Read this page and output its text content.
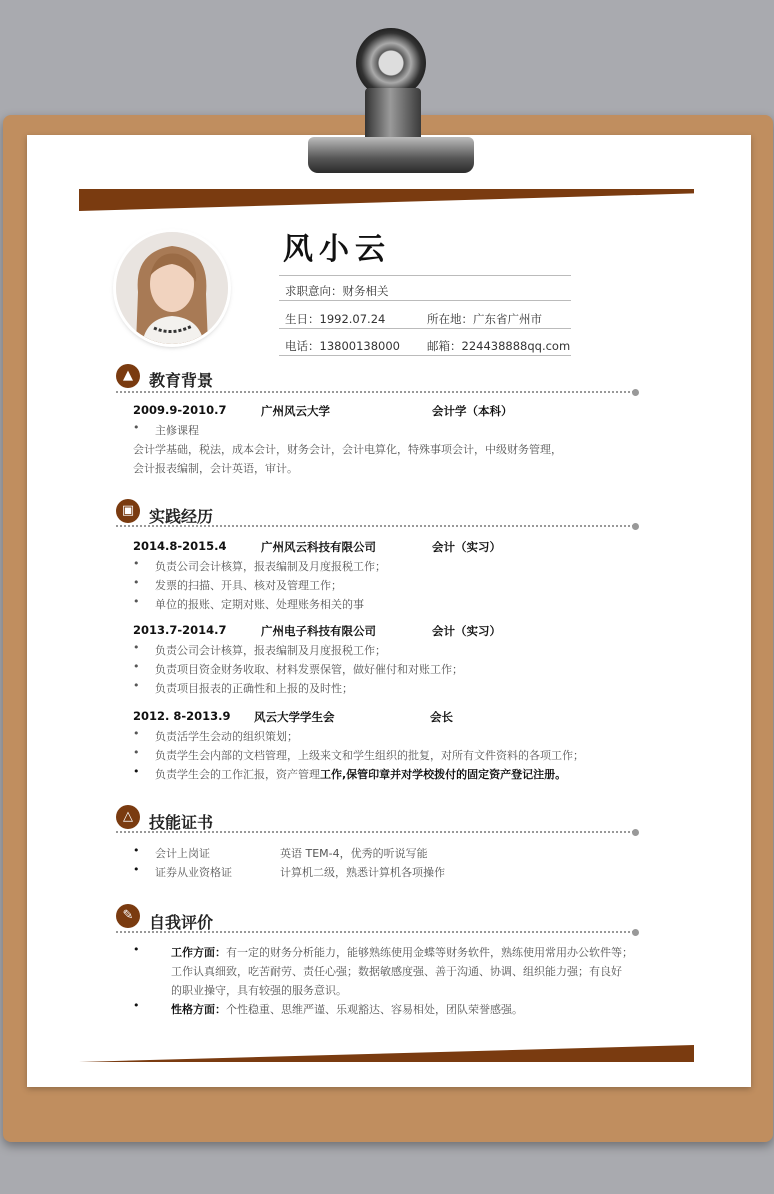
风小云
求职意向：财务相关
生日：1992.07.24	所在地：广东省广州市
电话：13800138000 邮箱：224438888qq.com
▲	教育背景
2009.9-2010.7	广州风云大学	会计学（本科）
• 主修课程
会计学基础，税法，成本会计，财务会计，会计电算化，特殊事项会计，中级财务管理，
会计报表编制，会计英语，审计。
▣ 实践经历
2014.8-2015.4	广州风云科技有限公司	会计（实习）
• 负责公司会计核算，报表编制及月度报税工作；
• 发票的扫描、开具、核对及管理工作；
• 单位的报账、定期对账、处理账务相关的事
2013.7-2014.7	广州电子科技有限公司	会计（实习）
• 负责公司会计核算，报表编制及月度报税工作；
• 负责项目资金财务收取、材料发票保管，做好催付和对账工作；
• 负责项目报表的正确性和上报的及时性；
2012. 8-2013.9 风云大学学生会	会长
• 负责活学生会动的组织策划；
• 负责学生会内部的文档管理，上级来文和学生组织的批复，对所有文件资料的各项工作；
• 负责学生会的工作汇报，资产管理工作,保管印章并对学校拨付的固定资产登记注册。
△	技能证书
• 会计上岗证	英语 TEM-4，优秀的听说写能
• 证券从业资格证	计算机二级，熟悉计算机各项操作
✎ 自我评价
•	工作方面：有一定的财务分析能力，能够熟练使用金蝶等财务软件，熟练使用常用办公软件等；
工作认真细致，吃苦耐劳、责任心强；数据敏感度强、善于沟通、协调、组织能力强；有良好
的职业操守，具有较强的服务意识。
•	性格方面：个性稳重、思维严谨、乐观豁达、容易相处，团队荣誉感强。
